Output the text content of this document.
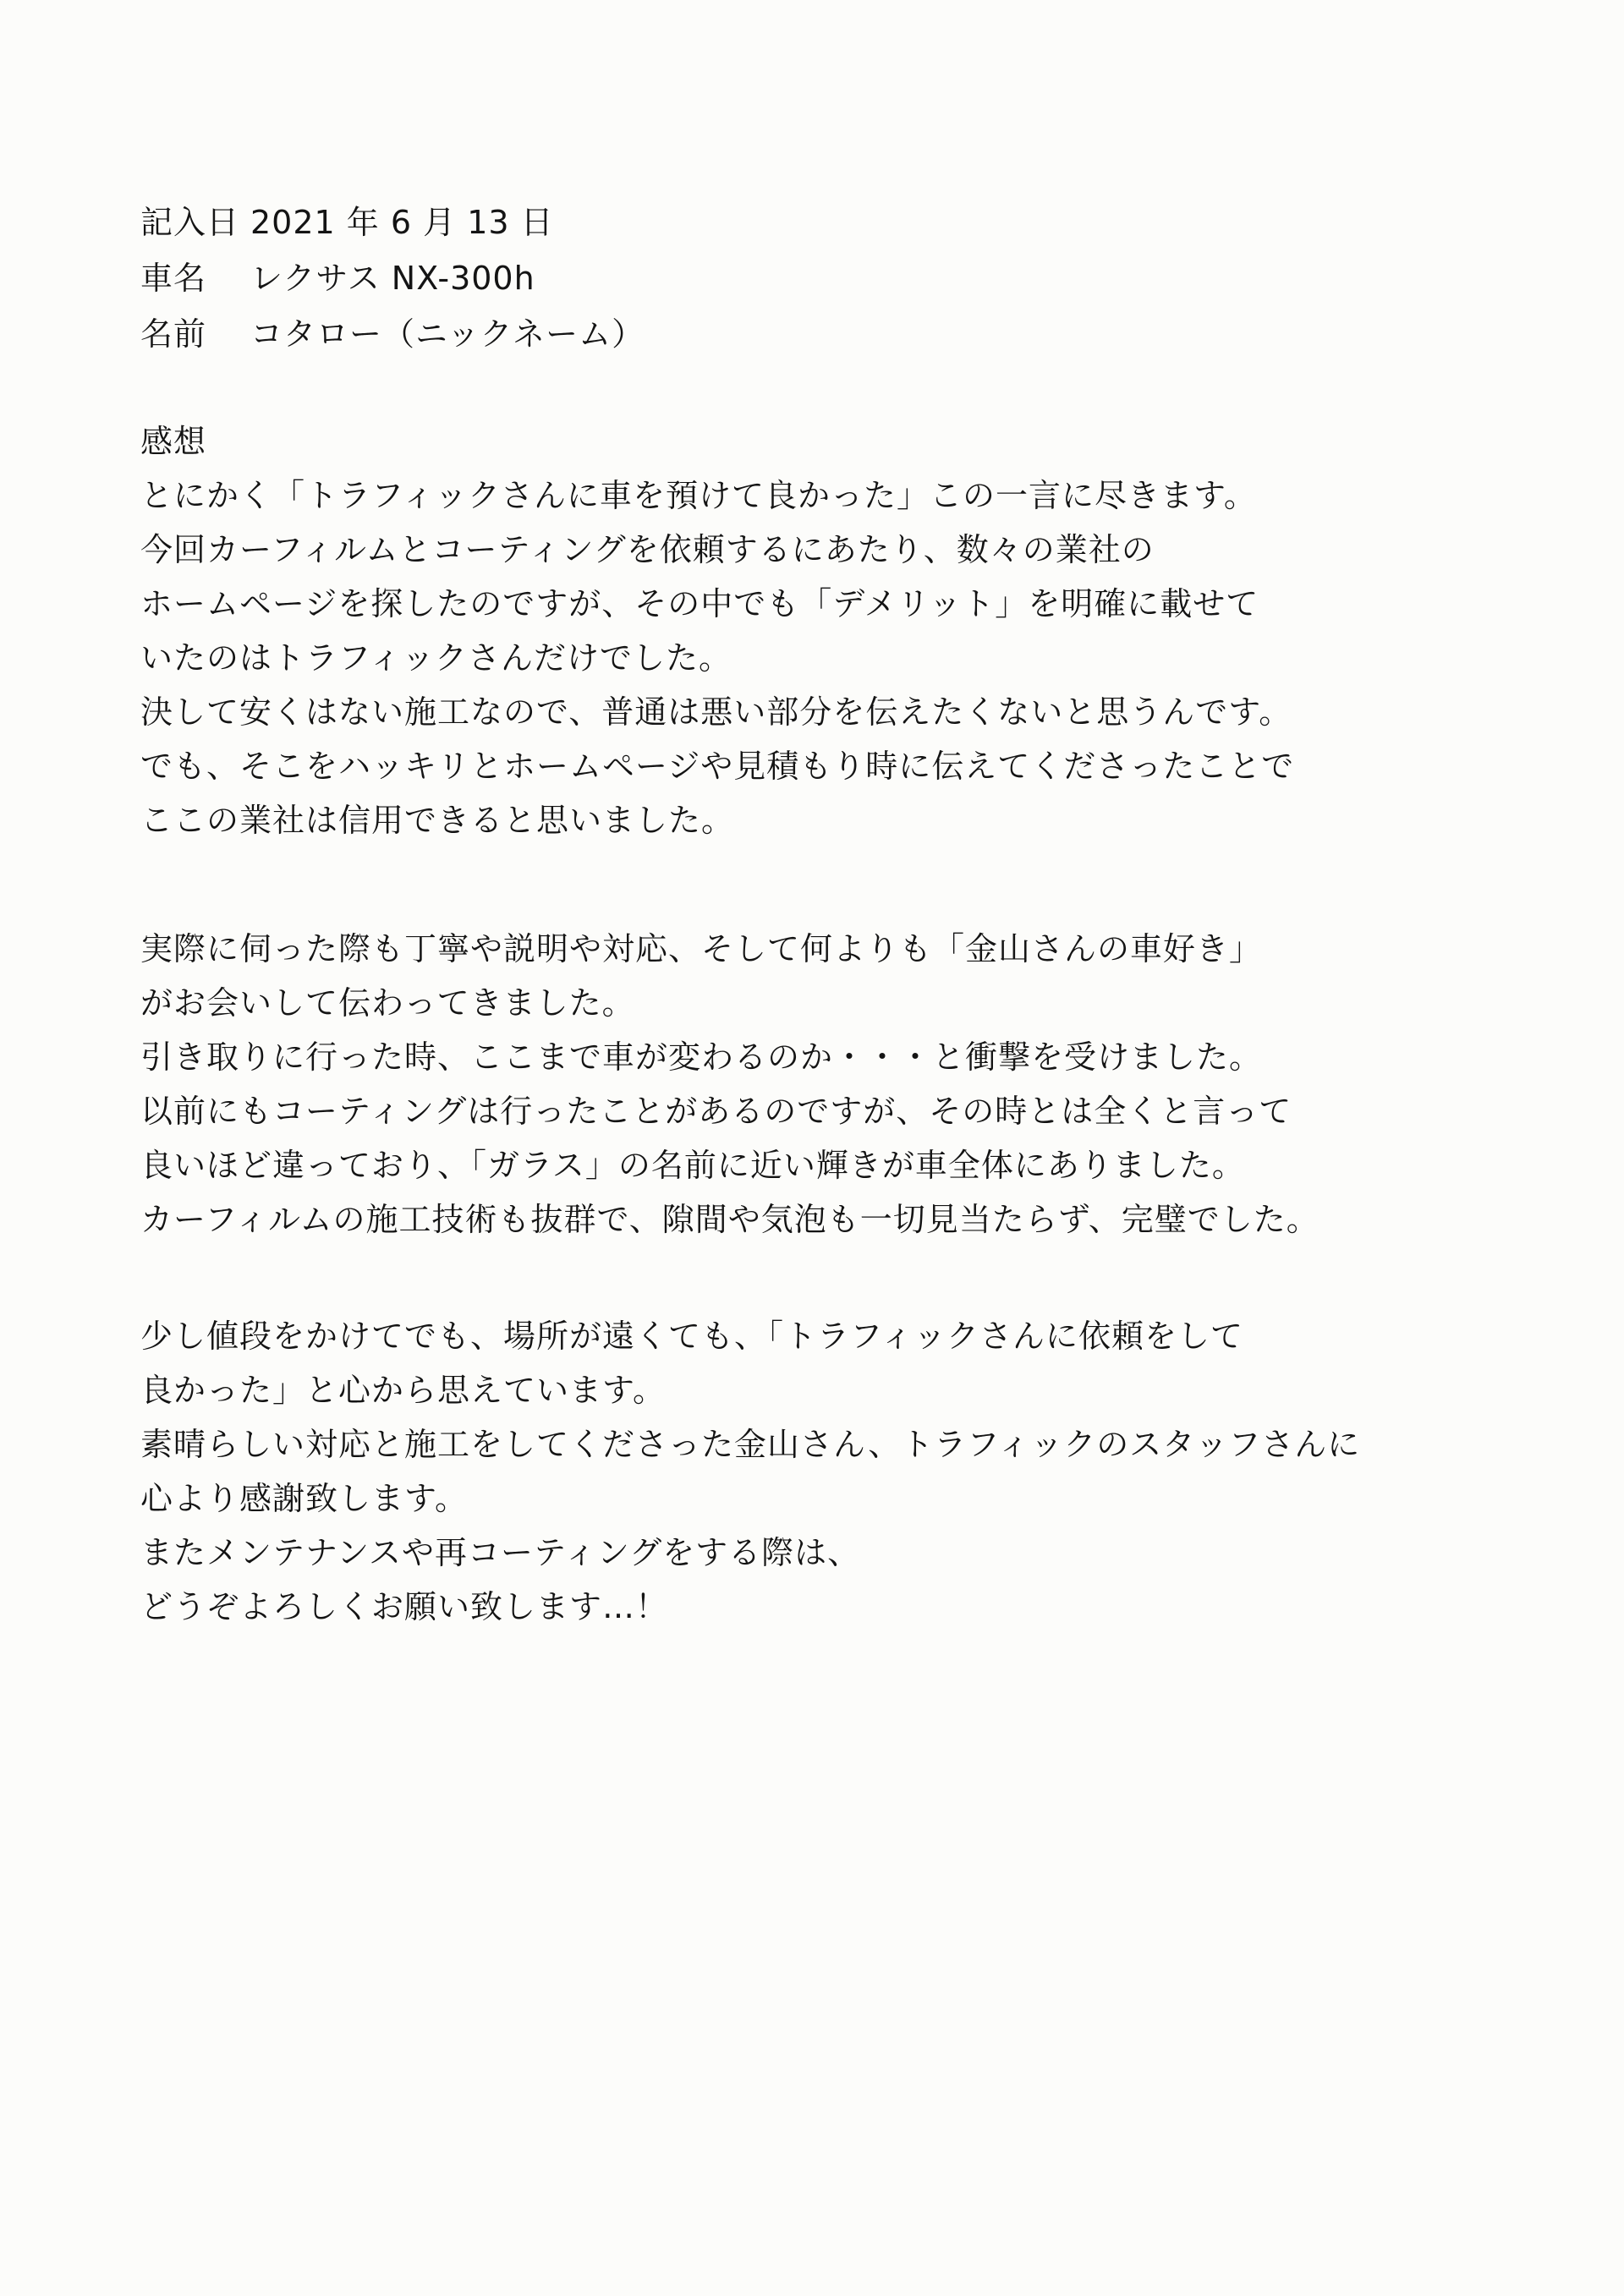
記入日 2021 年 6 月 13 日
車名 レクサス NX-300h
名前 コタロー（ニックネーム）
感想
とにかく「トラフィックさんに車を預けて良かった」この一言に尽きます。
今回カーフィルムとコーティングを依頼するにあたり、数々の業社の
ホームページを探したのですが、その中でも「デメリット」を明確に載せて
いたのはトラフィックさんだけでした。
決して安くはない施工なので、普通は悪い部分を伝えたくないと思うんです。
でも、そこをハッキリとホームページや見積もり時に伝えてくださったことで
ここの業社は信用できると思いました。
実際に伺った際も丁寧や説明や対応、そして何よりも「金山さんの車好き」
がお会いして伝わってきました。
引き取りに行った時、ここまで車が変わるのか・・・と衝撃を受けました。
以前にもコーティングは行ったことがあるのですが、その時とは全くと言って
良いほど違っており、「ガラス」の名前に近い輝きが車全体にありました。
カーフィルムの施工技術も抜群で、隙間や気泡も一切見当たらず、完璧でした。
少し値段をかけてでも、場所が遠くても、「トラフィックさんに依頼をして
良かった」と心から思えています。
素晴らしい対応と施工をしてくださった金山さん、トラフィックのスタッフさんに
心より感謝致します。
またメンテナンスや再コーティングをする際は、
どうぞよろしくお願い致します…！
